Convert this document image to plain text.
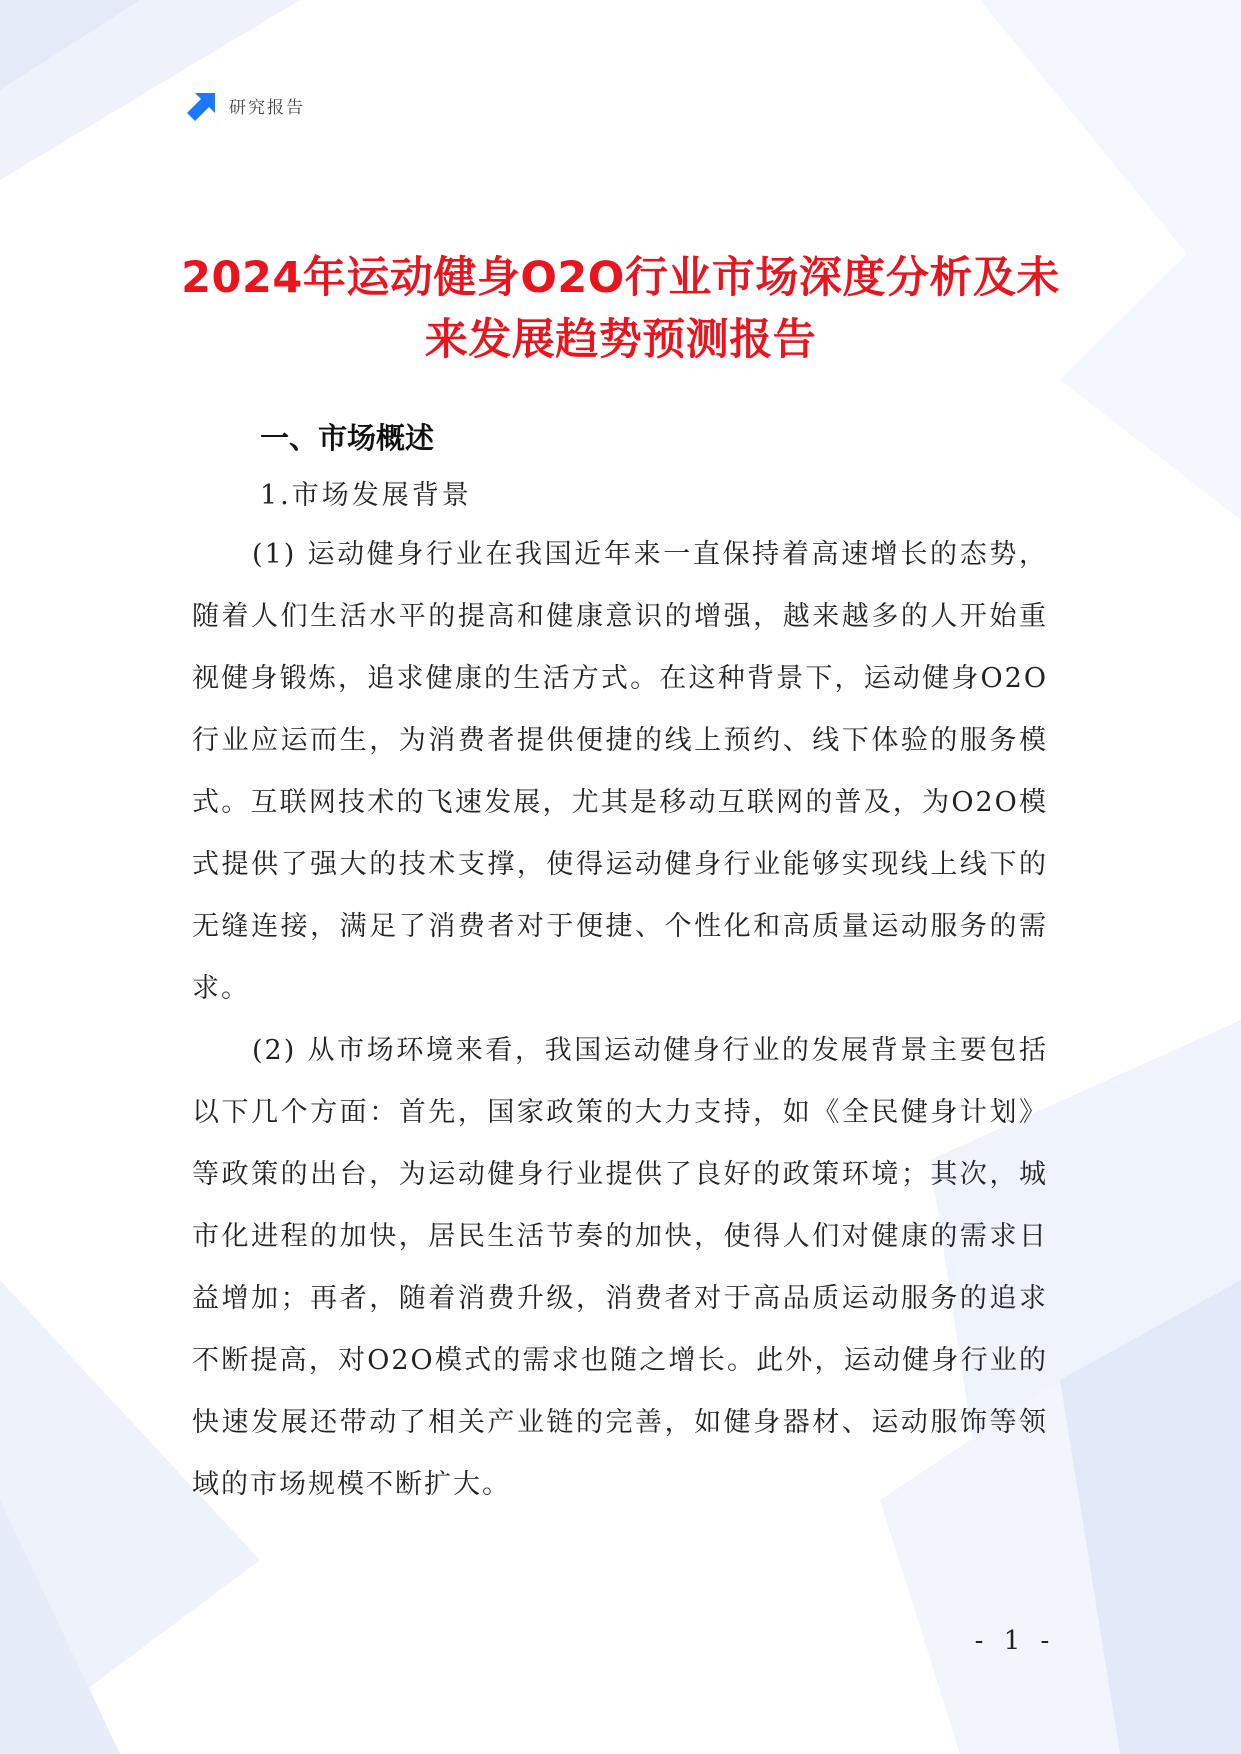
研究报告
2024年运动健身O2O行业市场深度分析及未
来发展趋势预测报告
一、市场概述
1.市场发展背景

(1) 运动健身行业在我国近年来一直保持着高速增长的态势，随着人们生活水平的提高和健康意识的增强，越来越多的人开始重视健身锻炼，追求健康的生活方式。在这种背景下，运动健身O2O行业应运而生，为消费者提供便捷的线上预约、线下体验的服务模式。互联网技术的飞速发展，尤其是移动互联网的普及，为O2O模式提供了强大的技术支撑，使得运动健身行业能够实现线上线下的无缝连接，满足了消费者对于便捷、个性化和高质量运动服务的需求。

(2) 从市场环境来看，我国运动健身行业的发展背景主要包括以下几个方面：首先，国家政策的大力支持，如《全民健身计划》等政策的出台，为运动健身行业提供了良好的政策环境；其次，城市化进程的加快，居民生活节奏的加快，使得人们对健康的需求日益增加；再者，随着消费升级，消费者对于高品质运动服务的追求不断提高，对O2O模式的需求也随之增长。此外，运动健身行业的快速发展还带动了相关产业链的完善，如健身器材、运动服饰等领域的市场规模不断扩大。

- 1 -
